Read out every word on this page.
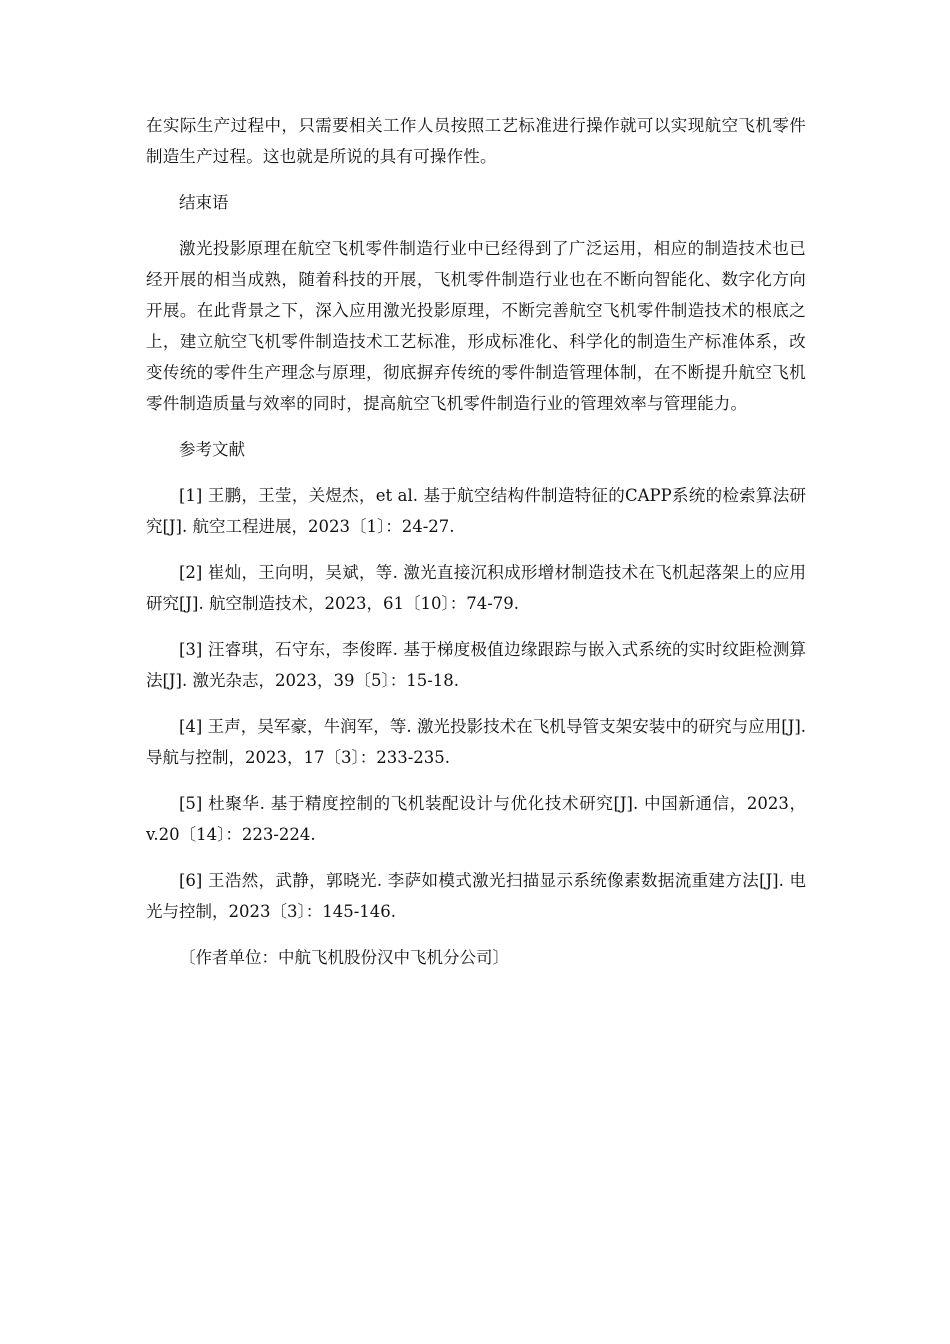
在实际生产过程中，只需要相关工作人员按照工艺标准进行操作就可以实现航空飞机零件制造生产过程。这也就是所说的具有可操作性。

结束语

激光投影原理在航空飞机零件制造行业中已经得到了广泛运用，相应的制造技术也已经开展的相当成熟，随着科技的开展，飞机零件制造行业也在不断向智能化、数字化方向开展。在此背景之下，深入应用激光投影原理，不断完善航空飞机零件制造技术的根底之上，建立航空飞机零件制造技术工艺标准，形成标准化、科学化的制造生产标准体系，改变传统的零件生产理念与原理，彻底摒弃传统的零件制造管理体制，在不断提升航空飞机零件制造质量与效率的同时，提高航空飞机零件制造行业的管理效率与管理能力。

参考文献

[1] 王鹏，王莹，关煜杰，et al. 基于航空结构件制造特征的CAPP系统的检索算法研究[J]. 航空工程进展，2023〔1〕：24-27.

[2] 崔灿，王向明，吴斌，等. 激光直接沉积成形增材制造技术在飞机起落架上的应用研究[J]. 航空制造技术，2023，61〔10〕：74-79.

[3] 汪睿琪，石守东，李俊晖. 基于梯度极值边缘跟踪与嵌入式系统的实时纹距检测算法[J]. 激光杂志，2023，39〔5〕：15-18.

[4] 王声，吴军豪，牛润军，等. 激光投影技术在飞机导管支架安装中的研究与应用[J]. 导航与控制，2023，17〔3〕：233-235.

[5] 杜聚华. 基于精度控制的飞机装配设计与优化技术研究[J]. 中国新通信，2023，v.20〔14〕：223-224.

[6] 王浩然，武静，郭晓光. 李萨如模式激光扫描显示系统像素数据流重建方法[J]. 电光与控制，2023〔3〕：145-146.

〔作者单位：中航飞机股份汉中飞机分公司〕
